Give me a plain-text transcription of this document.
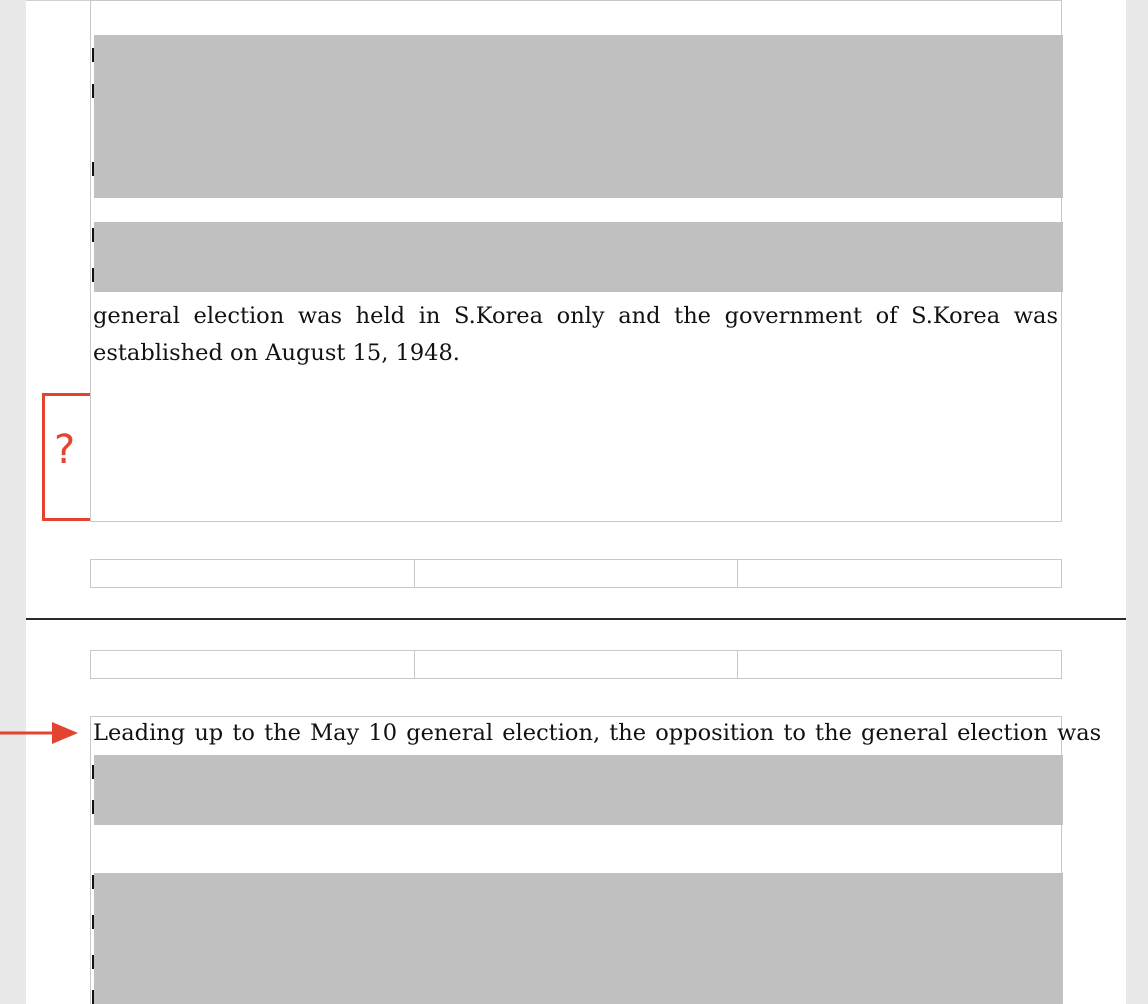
general election was held in S.Korea only and the government of S.Korea was
established on August 15, 1948.
Leading up to the May 10 general election, the opposition to the general election was
?
